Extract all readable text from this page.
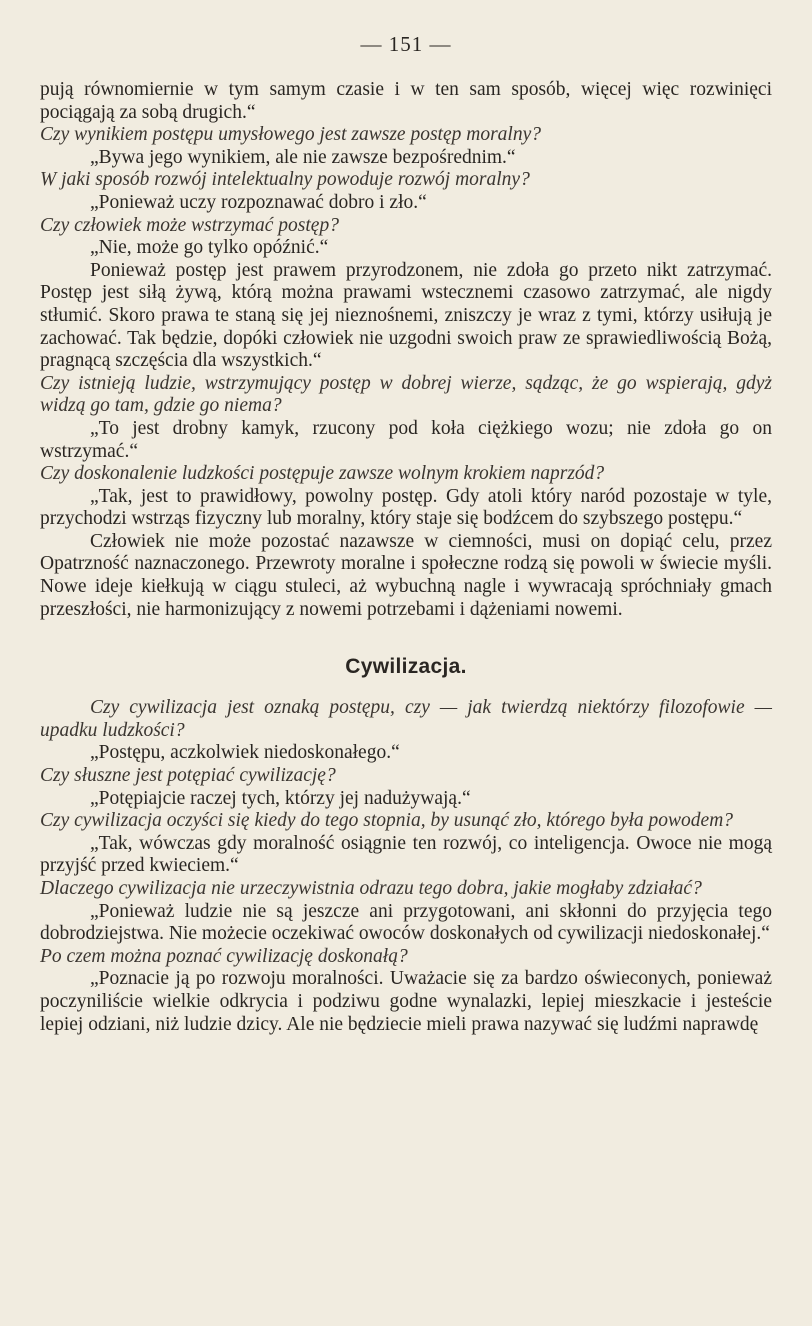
— 151 —

pują równomiernie w tym samym czasie i w ten sam sposób, więcej więc rozwinięci pociągają za sobą drugich.“

Czy wynikiem postępu umysłowego jest zawsze postęp moralny?

„Bywa jego wynikiem, ale nie zawsze bezpośrednim.“

W jaki sposób rozwój intelektualny powoduje rozwój moralny?

„Ponieważ uczy rozpoznawać dobro i zło.“

Czy człowiek może wstrzymać postęp?

„Nie, może go tylko opóźnić.“

Ponieważ postęp jest prawem przyrodzonem, nie zdoła go przeto nikt zatrzymać. Postęp jest siłą żywą, którą można prawami wstecznemi czasowo zatrzymać, ale nigdy stłumić. Skoro prawa te staną się jej nieznośnemi, zniszczy je wraz z tymi, którzy usiłują je zachować. Tak będzie, dopóki człowiek nie uzgodni swoich praw ze sprawiedliwością Bożą, pragnącą szczęścia dla wszystkich.“

Czy istnieją ludzie, wstrzymujący postęp w dobrej wierze, sądząc, że go wspierają, gdyż widzą go tam, gdzie go niema?

„To jest drobny kamyk, rzucony pod koła ciężkiego wozu; nie zdoła go on wstrzymać.“

Czy doskonalenie ludzkości postępuje zawsze wolnym krokiem naprzód?

„Tak, jest to prawidłowy, powolny postęp. Gdy atoli który naród pozostaje w tyle, przychodzi wstrząs fizyczny lub moralny, który staje się bodźcem do szybszego postępu.“

Człowiek nie może pozostać nazawsze w ciemności, musi on dopiąć celu, przez Opatrzność naznaczonego. Przewroty moralne i społeczne rodzą się powoli w świecie myśli. Nowe ideje kiełkują w ciągu stuleci, aż wybuchną nagle i wywracają spróchniały gmach przeszłości, nie harmonizujący z nowemi potrzebami i dążeniami nowemi.

Cywilizacja.

Czy cywilizacja jest oznaką postępu, czy — jak twierdzą niektórzy filozofowie — upadku ludzkości?

„Postępu, aczkolwiek niedoskonałego.“

Czy słuszne jest potępiać cywilizację?

„Potępiajcie raczej tych, którzy jej nadużywają.“

Czy cywilizacja oczyści się kiedy do tego stopnia, by usunąć zło, którego była powodem?

„Tak, wówczas gdy moralność osiągnie ten rozwój, co inteligencja. Owoce nie mogą przyjść przed kwieciem.“

Dlaczego cywilizacja nie urzeczywistnia odrazu tego dobra, jakie mogłaby zdziałać?

„Ponieważ ludzie nie są jeszcze ani przygotowani, ani skłonni do przyjęcia tego dobrodziejstwa. Nie możecie oczekiwać owoców doskonałych od cywilizacji niedoskonałej.“

Po czem można poznać cywilizację doskonałą?

„Poznacie ją po rozwoju moralności. Uważacie się za bardzo oświeconych, ponieważ poczyniliście wielkie odkrycia i podziwu godne wynalazki, lepiej mieszkacie i jesteście lepiej odziani, niż ludzie dzicy. Ale nie będziecie mieli prawa nazywać się ludźmi naprawdę
